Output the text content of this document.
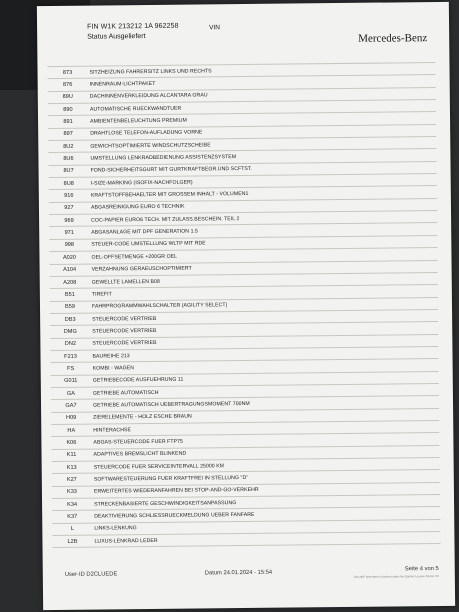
FIN W1K 213212 1A 962258	VIN
Status Ausgeliefert	Mercedes-Benz
873	SITZHEIZUNG FAHRERSITZ LINKS UND RECHTS
876	INNENRAUM-LICHTPAKET
89U	DACHINNENVERKLEIDUNG ALCANTARA GRAU
890	AUTOMATISCHE RUECKWANDTUER
891	AMBIENTENBELEUCHTUNG PREMIUM
897	DRAHTLOSE TELEFON-AUFLADUNG VORNE
8U2	GEWICHTSOPTIMIERTE WINDSCHUTZSCHEIBE
8U6	UMSTELLUNG LENKRADBEDIENUNG ASSISTENZSYSTEM
8U7	FOND-SICHERHEITSGURT MIT GURTKRAFTBEGR.UND SCFTST.
8U8	I-SIZE-MARKING (ISOFIX-NACHFOLGER)
916	KRAFTSTOFFBEHAELTER MIT GROSSEM INHALT - VOLUMEN1
927	ABGASREINIGUNG EURO 6 TECHNIK
969	COC-PAPIER EURO6 TECH. MIT ZULASS.BESCHEIN. TEIL 2
971	ABGASANLAGE MIT DPF GENERATION 1.5
998	STEUER-CODE UMSTELLUNG WLTP MIT RDE
A020	OEL-OFFSETMENGE +200GR OEL
A104	VERZAHNUNG GERAEUSCHOPTIMIERT
A208	GEWELLTE LAMELLEN B08
B51	TIREFIT
B59	FAHRPROGRAMMWAHLSCHALTER (AGILITY SELECT)
DB3	STEUERCODE VERTRIEB
DMG	STEUERCODE VERTRIEB
DN2	STEUERCODE VERTRIEB
F213	BAUREIHE 213
FS	KOMBI - WAGEN
G011	GETRIEBECODE AUSFUEHRUNG 11
GA	GETRIEBE AUTOMATISCH
GA7	GETRIEBE AUTOMATISCH UEBERTRAGUNGSMOMENT 700NM
H09	ZIERELEMENTE - HOLZ ESCHE BRAUN
HA	HINTERACHSE
K06	ABGAS-STEUERCODE FUER FTP75
K11	ADAPTIVES BREMSLICHT BLINKEND
K13	STEUERCODE FUER SERVICEINTERVALL 25000 KM
K27	SOFTWARESTEUERUNG FUER KRAFTFREI IN STELLUNG "D"
K33	ERWEITERTES WIEDERANFAHREN BEI STOP-AND-GO-VERKEHR
K34	STRECKENBASIERTE GESCHWINDIGKEITSANPASSUNG
K37	DEAKTIVIERUNG SCHLIESSRUECKMELDUNG UEBER FANFARE
L	LINKS-LENKUNG
L2B	LUXUS-LENKRAD LEDER
User-ID D2CLUEDE	Datum 24.01.2024 - 15:54
Seite 4 von 5
This PDF print form is licensed under the Daimler License Center 2.0
